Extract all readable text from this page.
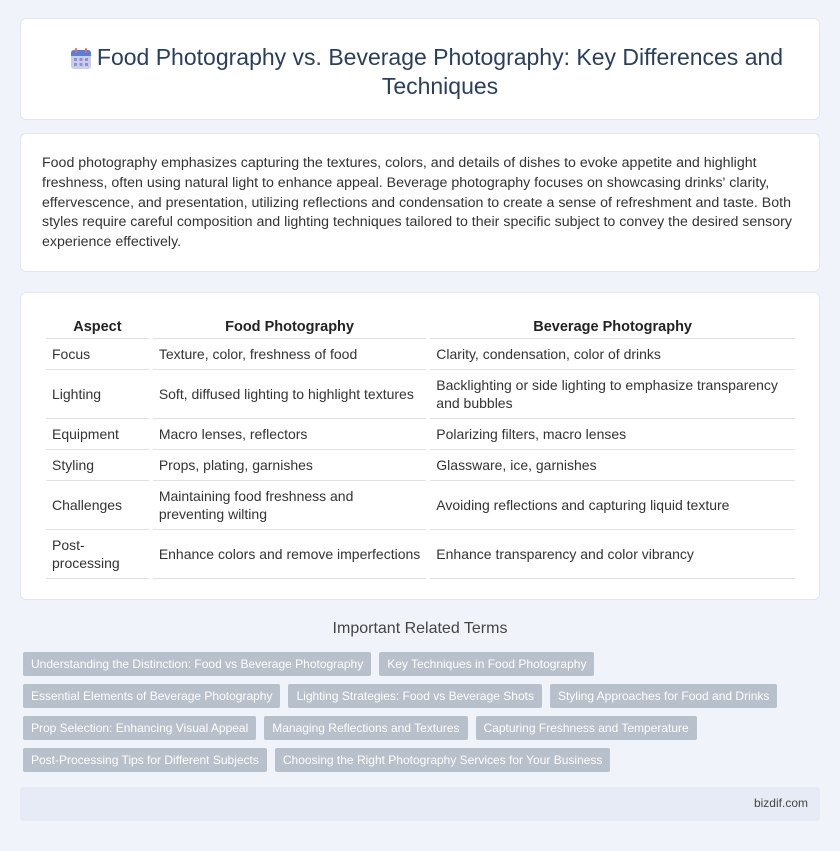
Food Photography vs. Beverage Photography: Key Differences and Techniques

Food photography emphasizes capturing the textures, colors, and details of dishes to evoke appetite and highlight freshness, often using natural light to enhance appeal. Beverage photography focuses on showcasing drinks' clarity, effervescence, and presentation, utilizing reflections and condensation to create a sense of refreshment and taste. Both styles require careful composition and lighting techniques tailored to their specific subject to convey the desired sensory experience effectively.

Aspect	Food Photography	Beverage Photography
Focus	Texture, color, freshness of food	Clarity, condensation, color of drinks
Lighting	Soft, diffused lighting to highlight textures	Backlighting or side lighting to emphasize transparency and bubbles
Equipment	Macro lenses, reflectors	Polarizing filters, macro lenses
Styling	Props, plating, garnishes	Glassware, ice, garnishes
Challenges	Maintaining food freshness and preventing wilting	Avoiding reflections and capturing liquid texture
Post-processing	Enhance colors and remove imperfections	Enhance transparency and color vibrancy
Important Related Terms
Understanding the Distinction: Food vs Beverage Photography	Key Techniques in Food Photography
Essential Elements of Beverage Photography	Lighting Strategies: Food vs Beverage Shots	Styling Approaches for Food and Drinks
Prop Selection: Enhancing Visual Appeal	Managing Reflections and Textures	Capturing Freshness and Temperature
Post-Processing Tips for Different Subjects	Choosing the Right Photography Services for Your Business
bizdif.com
